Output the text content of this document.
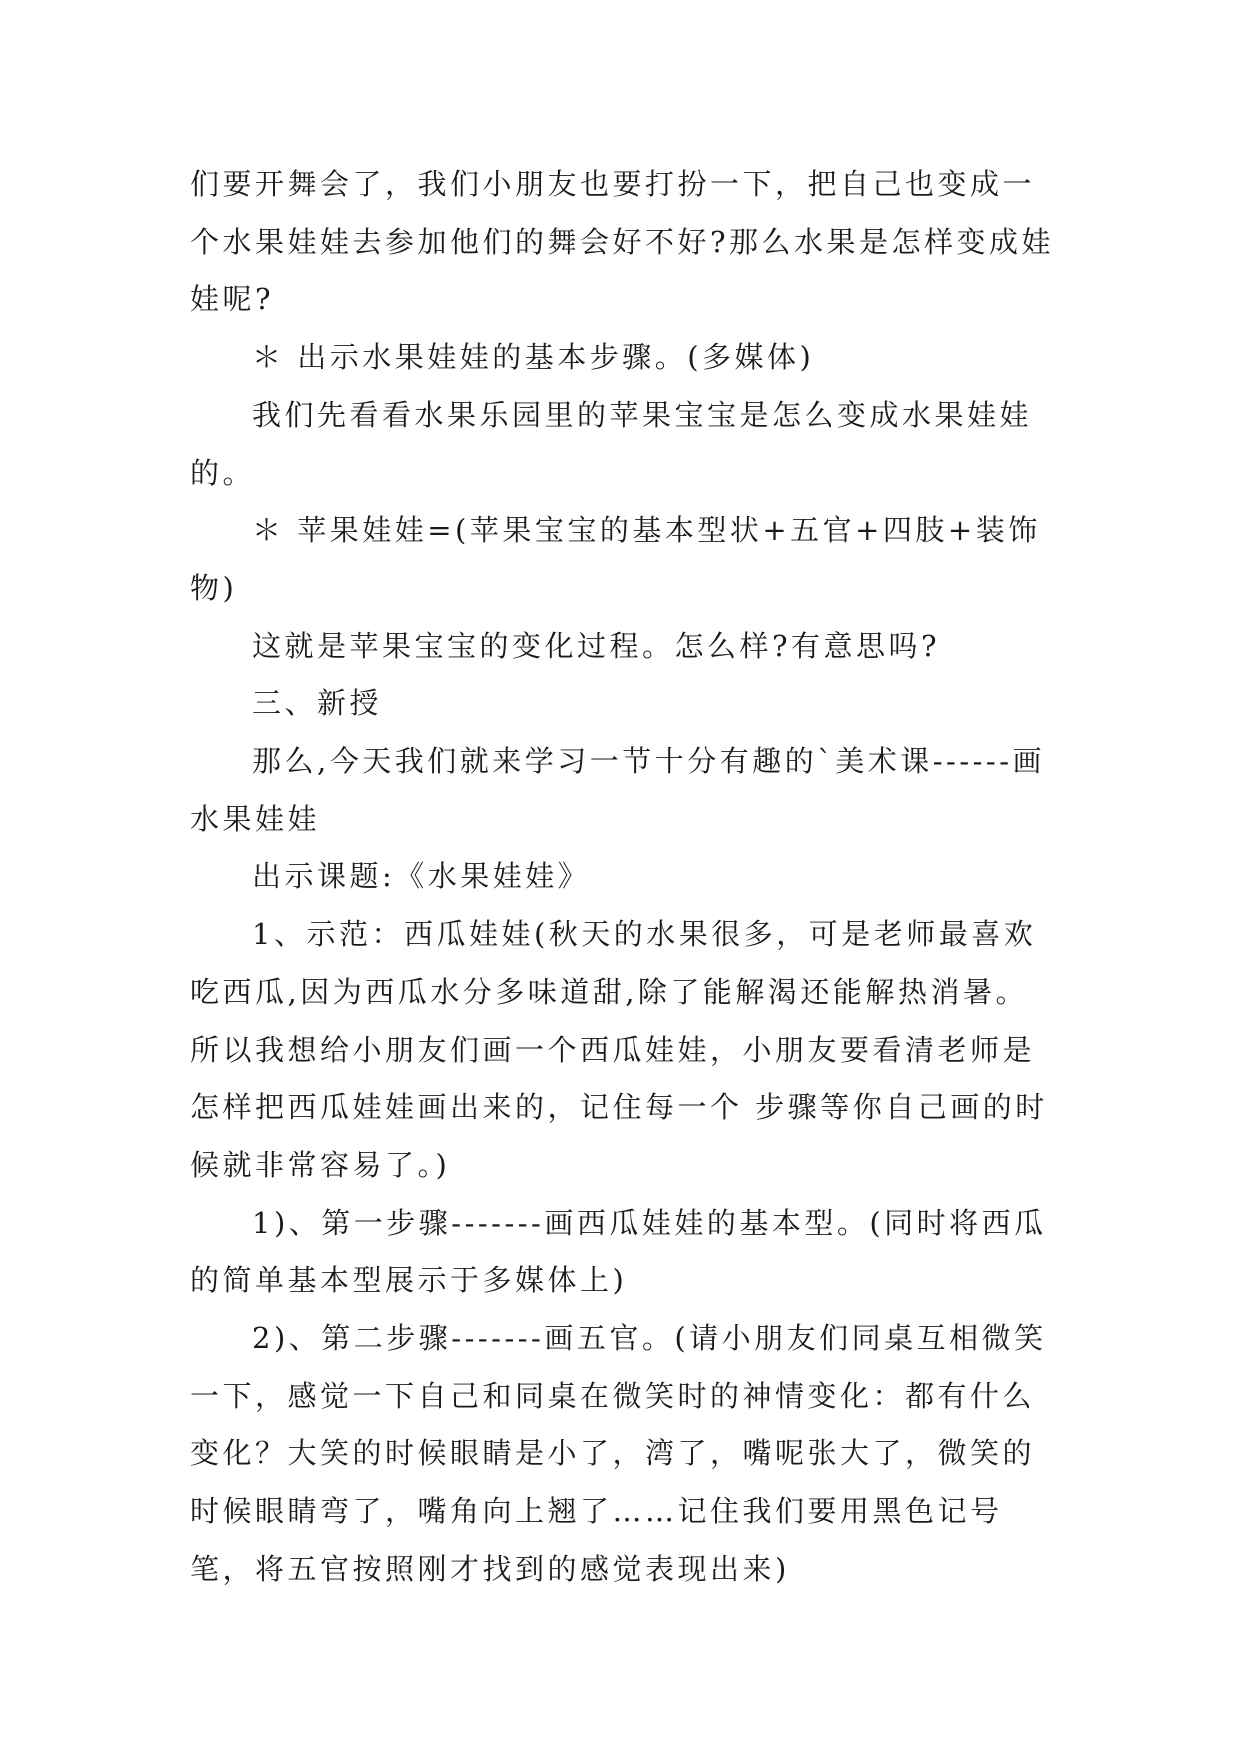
们要开舞会了，我们小朋友也要打扮一下，把自己也变成一个水果娃娃去参加他们的舞会好不好?那么水果是怎样变成娃娃呢?

＊ 出示水果娃娃的基本步骤。(多媒体)

我们先看看水果乐园里的苹果宝宝是怎么变成水果娃娃的。

＊ 苹果娃娃=(苹果宝宝的基本型状+五官+四肢+装饰物)

这就是苹果宝宝的变化过程。怎么样?有意思吗?

三、新授

那么,今天我们就来学习一节十分有趣的`美术课------画水果娃娃

出示课题:《水果娃娃》

1、示范：西瓜娃娃(秋天的水果很多，可是老师最喜欢吃西瓜,因为西瓜水分多味道甜,除了能解渴还能解热消暑。所以我想给小朋友们画一个西瓜娃娃，小朋友要看清老师是怎样把西瓜娃娃画出来的，记住每一个 步骤等你自己画的时候就非常容易了。)

1)、第一步骤-------画西瓜娃娃的基本型。(同时将西瓜的简单基本型展示于多媒体上)

2)、第二步骤-------画五官。(请小朋友们同桌互相微笑一下，感觉一下自己和同桌在微笑时的神情变化：都有什么变化？大笑的时候眼睛是小了，湾了，嘴呢张大了，微笑的时候眼睛弯了，嘴角向上翘了……记住我们要用黑色记号笔，将五官按照刚才找到的感觉表现出来)
